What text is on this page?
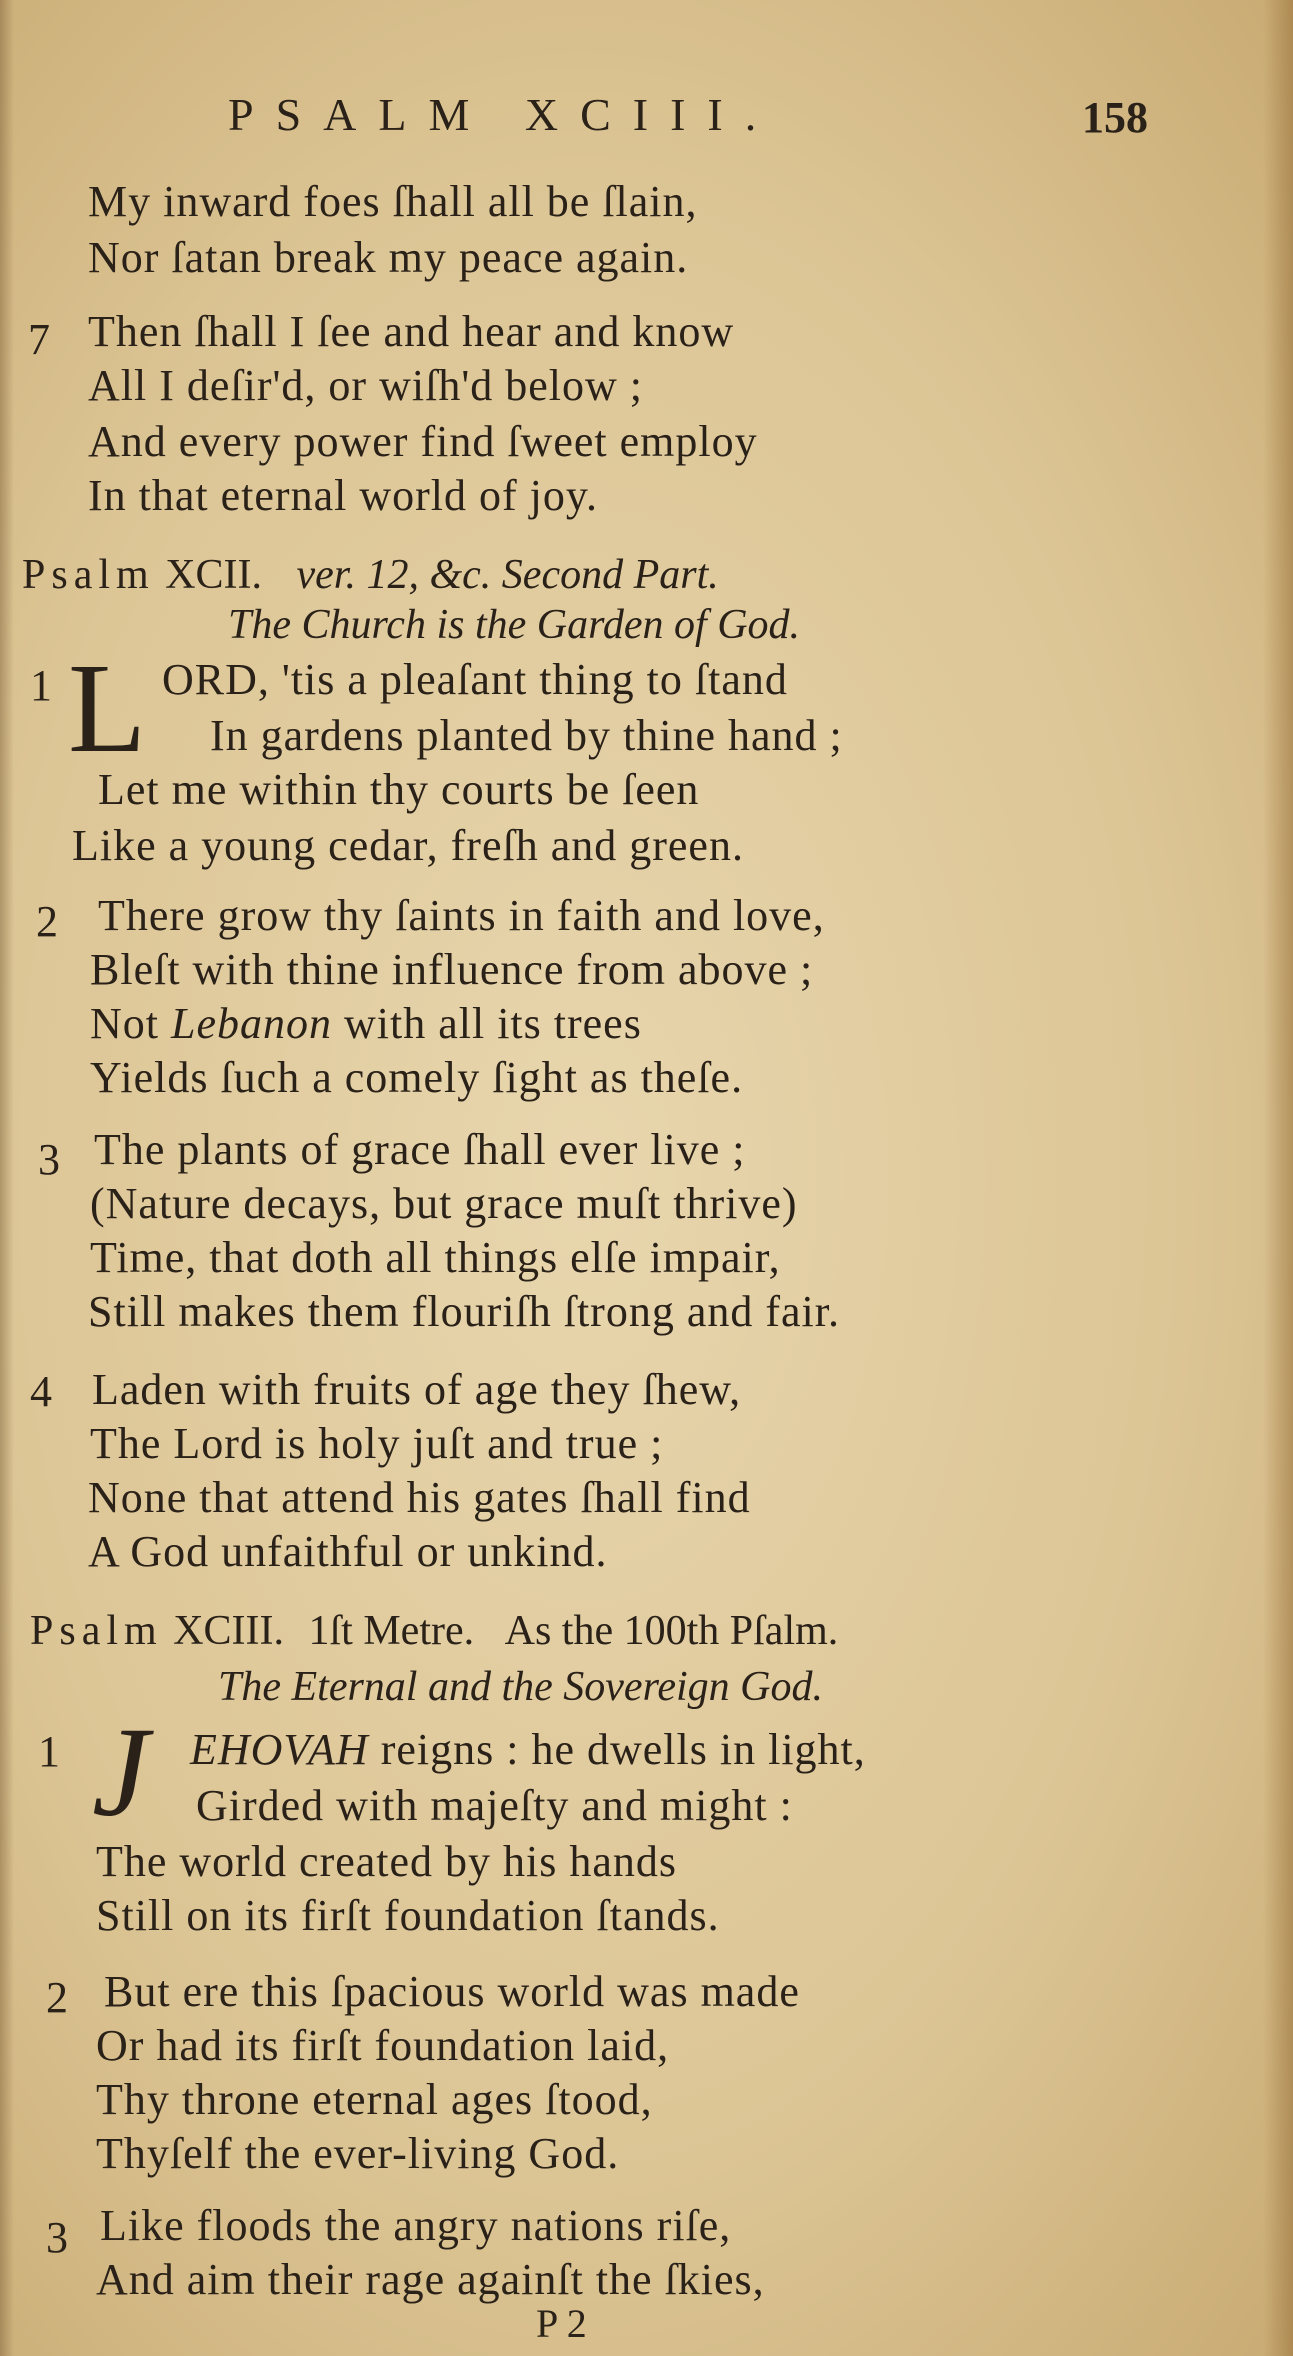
PSALM XCIII.	158
My inward foes ſhall all be ſlain,
Nor ſatan break my peace again.
7 Then ſhall I ſee and hear and know
All I deſir'd, or wiſh'd below ;
And every power find ſweet employ
In that eternal world of joy.
Psalm XCII. ver. 12, &c. Second Part.
The Church is the Garden of God.
1 L ORD, 'tis a pleaſant thing to ſtand
In gardens planted by thine hand ;
Let me within thy courts be ſeen
Like a young cedar, freſh and green.
2 There grow thy ſaints in faith and love,
Bleſt with thine influence from above ;
Not Lebanon with all its trees
Yields ſuch a comely ſight as theſe.
3 The plants of grace ſhall ever live ;
(Nature decays, but grace muſt thrive)
Time, that doth all things elſe impair,
Still makes them flouriſh ſtrong and fair.
4 Laden with fruits of age they ſhew,
The Lord is holy juſt and true ;
None that attend his gates ſhall find
A God unfaithful or unkind.
Psalm XCIII. 1ſt Metre. As the 100th Pſalm.
The Eternal and the Sovereign God.
1 J EHOVAH reigns : he dwells in light,
Girded with majeſty and might :
The world created by his hands
Still on its firſt foundation ſtands.
2 But ere this ſpacious world was made
Or had its firſt foundation laid,
Thy throne eternal ages ſtood,
Thyſelf the ever-living God.
3 Like floods the angry nations riſe,
And aim their rage againſt the ſkies,
P 2
